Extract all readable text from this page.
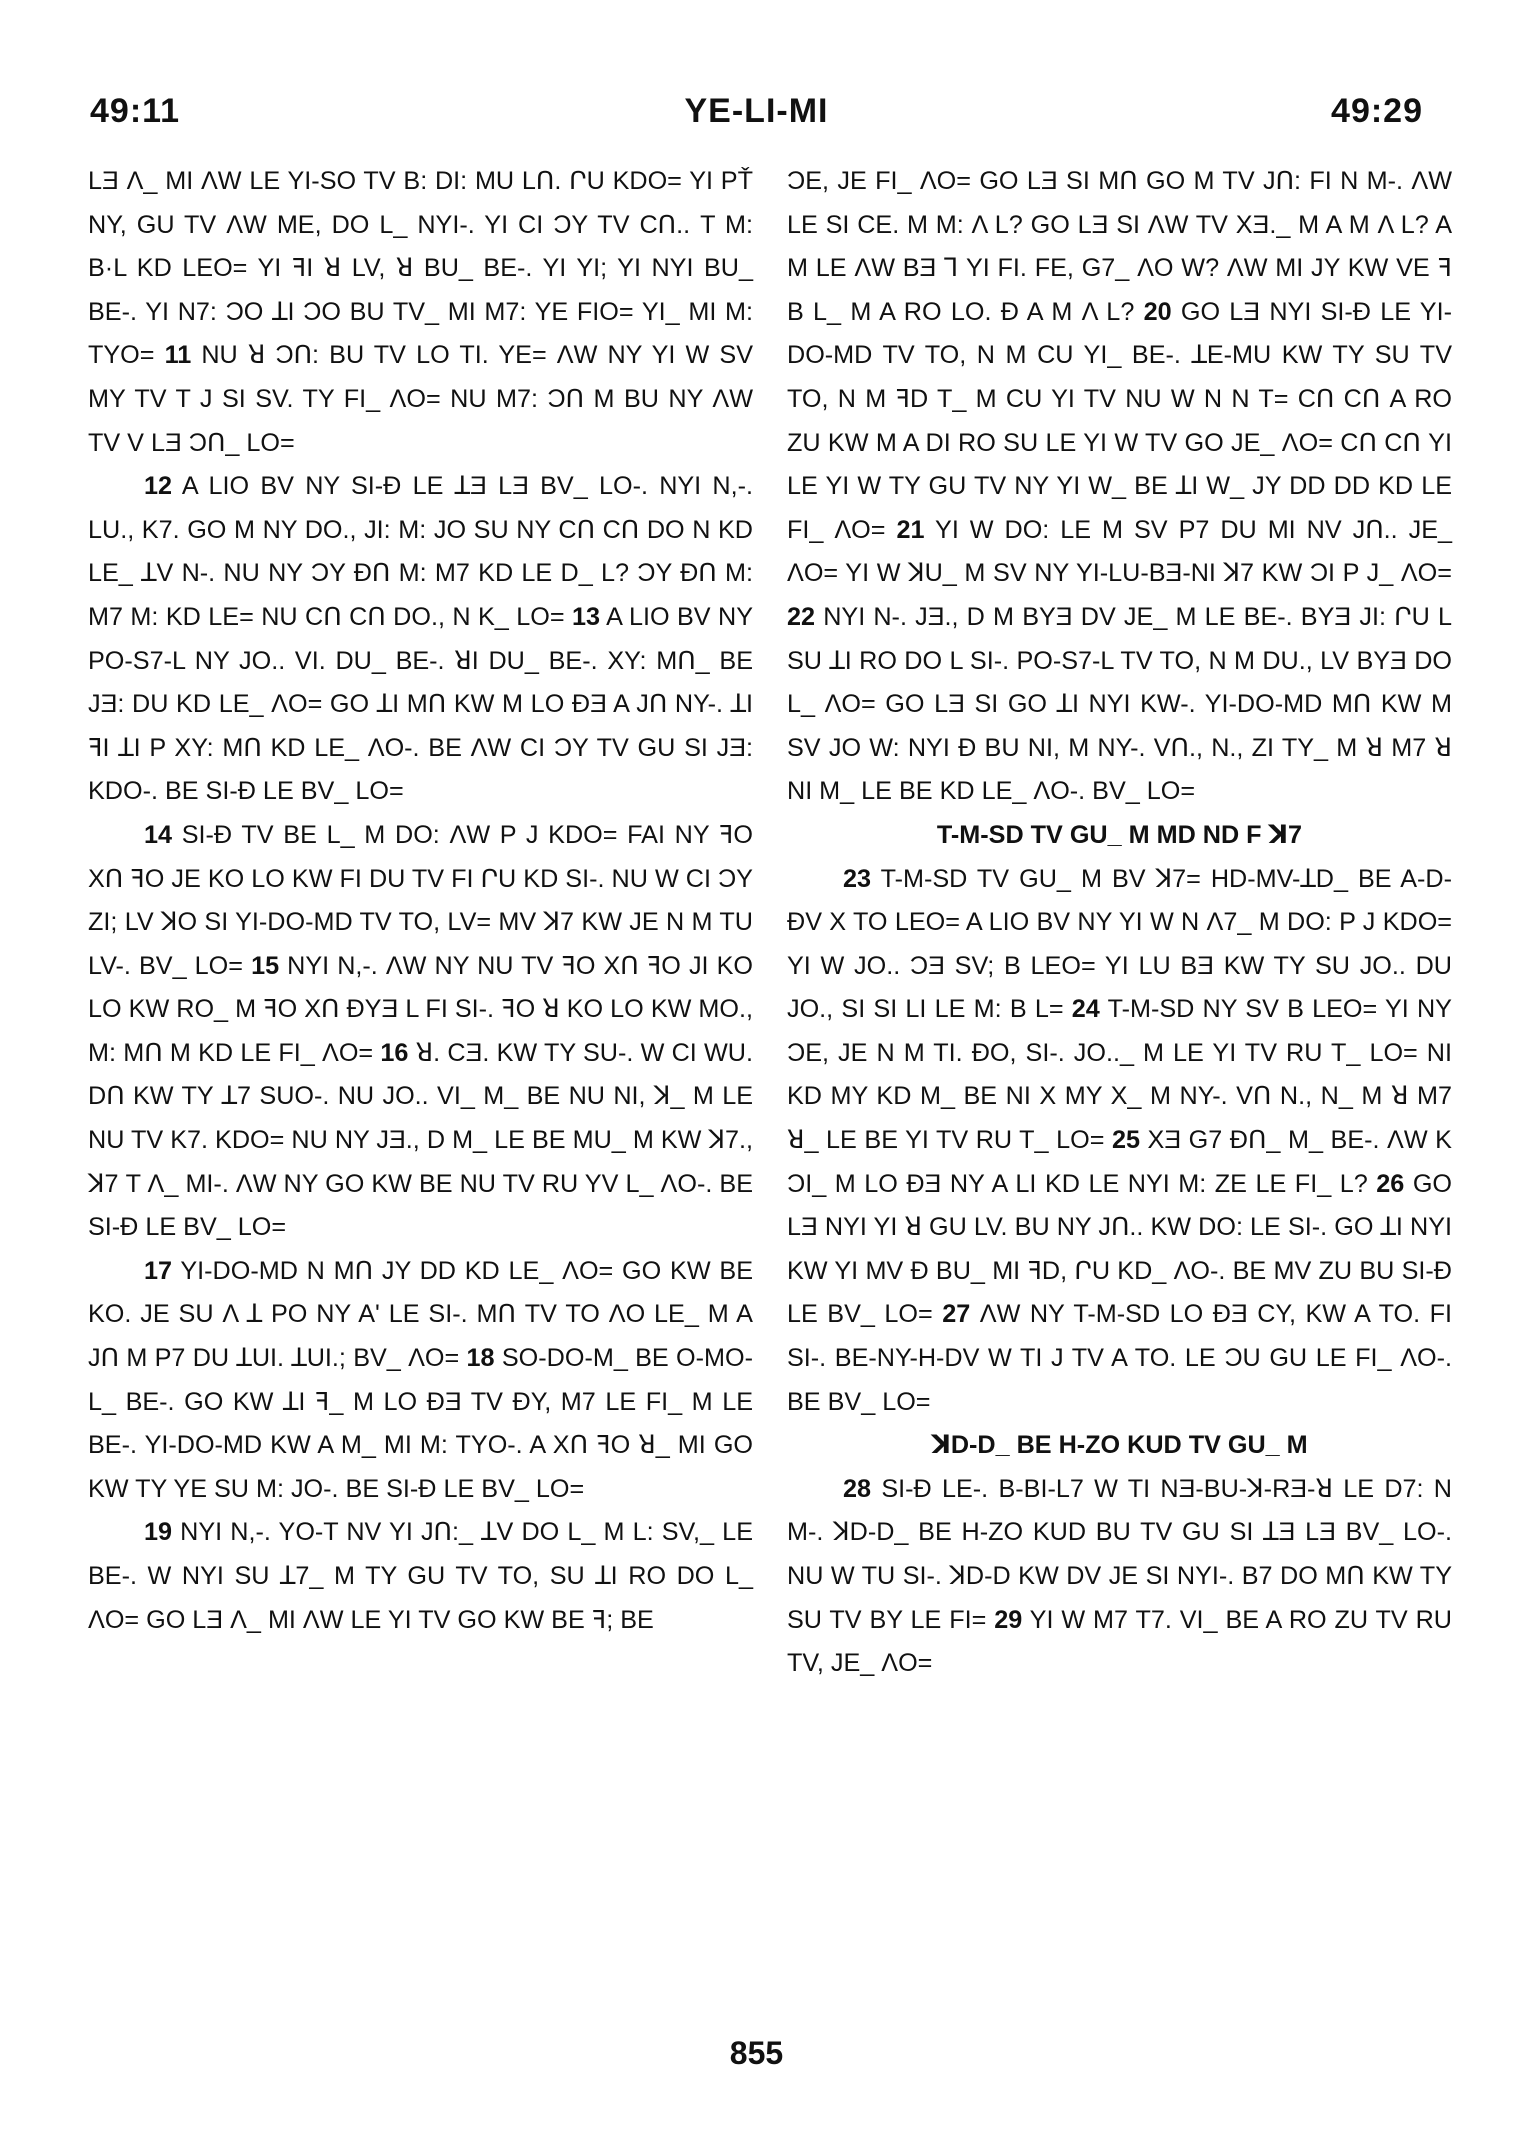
49:11	YE-LI-MI	49:29

LƎ Λ_ MI ΛW LE YI-SO TV B: DI: MU LՈ. ՐU KDO= YI PŤ NY, GU TV ΛW ME, DO L_ NYI-. YI CI ϽY TV CՈ.. T M: B·L KD LEO= YI ꟻI ꓤ LV, ꓤ BU_ BE-. YI YI; YI NYI BU_ BE-. YI N7: ϽO ꓕI ϽO BU TV_ MI M7: YE FIO= YI_ MI M: TYO= 11 NU ꓤ ϽՈ: BU TV LO TI. YE= ΛW NY YI W SV MY TV T J SI SV. TY FI_ ΛO= NU M7: ϽՈ M BU NY ΛW TV V LƎ ϽՈ_ LO=

12 A LIO BV NY SI-Ɖ LE ꓕƎ LƎ BV_ LO-. NYI N,-. LU., K7. GO M NY DO., JI: M: JO SU NY CՈ CՈ DO N KD LE_ ꓕV N-. NU NY ϽY ƉՈ M: M7 KD LE D_ L? ϽY ƉՈ M: M7 M: KD LE= NU CՈ CՈ DO., N K_ LO= 13 A LIO BV NY PO-S7-L NY JO.. VI. DU_ BE-. ꓤI DU_ BE-. XY: MՈ_ BE JƎ: DU KD LE_ ΛO= GO ꓕI MՈ KW M LO ƉƎ A JՈ NY-. ꓕI ꟻI ꓕI P XY: MՈ KD LE_ ΛO-. BE ΛW CI ϽY TV GU SI JƎ: KDO-. BE SI-Ɖ LE BV_ LO=

14 SI-Ɖ TV BE L_ M DO: ΛW P J KDO= FAI NY ꟻO XՈ ꟻO JE KO LO KW FI DU TV FI ՐU KD SI-. NU W CI ϽY ZI; LV ꓘO SI YI-DO-MD TV TO, LV= MV ꓘ7 KW JE N M TU LV-. BV_ LO= 15 NYI N,-. ΛW NY NU TV ꟻO XՈ ꟻO JI KO LO KW RO_ M ꟻO XՈ ƉYƎ L FI SI-. ꟻO ꓤ KO LO KW MO., M: MՈ M KD LE FI_ ΛO= 16 ꓤ. CƎ. KW TY SU-. W CI WU. DՈ KW TY ꓕ7 SUO-. NU JO.. VI_ M_ BE NU NI, ꓘ_ M LE NU TV K7. KDO= NU NY JƎ., D M_ LE BE MU_ M KW ꓘ7., ꓘ7 T Λ_ MI-. ΛW NY GO KW BE NU TV RU YV L_ ΛO-. BE SI-Ɖ LE BV_ LO=

17 YI-DO-MD N MՈ JY DD KD LE_ ΛO= GO KW BE KO. JE SU Λ ꓕ PO NY A' LE SI-. MՈ TV TO ΛO LE_ M A JՈ M P7 DU ꓕUI. ꓕUI.; BV_ ΛO= 18 SO-DO-M_ BE O-MO-L_ BE-. GO KW ꓕI ꟻ_ M LO ƉƎ TV ƉY, M7 LE FI_ M LE BE-. YI-DO-MD KW A M_ MI M: TYO-. A XՈ ꟻO ꓤ_ MI GO KW TY YE SU M: JO-. BE SI-Ɖ LE BV_ LO=

19 NYI N,-. YO-T NV YI JՈ:_ ꓕV DO L_ M L: SV,_ LE BE-. W NYI SU ꓕ7_ M TY GU TV TO, SU ꓕI RO DO L_ ΛO= GO LƎ Λ_ MI ΛW LE YI TV GO KW BE ꟻ; BE

ϽE, JE FI_ ΛO= GO LƎ SI MՈ GO M TV JՈ: FI N M-. ΛW LE SI CE. M M: Λ L? GO LƎ SI ΛW TV XƎ._ M A M Λ L? A M LE ΛW BƎ ꓶ YI FI. FE, G7_ ΛO W? ΛW MI JY KW VE ꟻ B L_ M A RO LO. Ɖ A M Λ L? 20 GO LƎ NYI SI-Ɖ LE YI-DO-MD TV TO, N M CU YI_ BE-. ꓕE-MU KW TY SU TV TO, N M ꟻD T_ M CU YI TV NU W N N T= CՈ CՈ A RO ZU KW M A DI RO SU LE YI W TV GO JE_ ΛO= CՈ CՈ YI LE YI W TY GU TV NY YI W_ BE ꓕI W_ JY DD DD KD LE FI_ ΛO= 21 YI W DO: LE M SV P7 DU MI NV JՈ.. JE_ ΛO= YI W ꓘU_ M SV NY YI-LU-BƎ-NI ꓘ7 KW ϽI P J_ ΛO= 22 NYI N-. JƎ., D M BYƎ DV JE_ M LE BE-. BYƎ JI: ՐU L SU ꓕI RO DO L SI-. PO-S7-L TV TO, N M DU., LV BYƎ DO L_ ΛO= GO LƎ SI GO ꓕI NYI KW-. YI-DO-MD MՈ KW M SV JO W: NYI Ɖ BU NI, M NY-. VՈ., N., ZI TY_ M ꓤ M7 ꓤ NI M_ LE BE KD LE_ ΛO-. BV_ LO=

T-M-SD TV GU_ M MD ND F ꓘ7

23 T-M-SD TV GU_ M BV ꓘ7= HD-MV-ꓕD_ BE A-D-ƉV X TO LEO= A LIO BV NY YI W N Λ7_ M DO: P J KDO= YI W JO.. ϽƎ SV; B LEO= YI LU BƎ KW TY SU JO.. DU JO., SI SI LI LE M: B L= 24 T-M-SD NY SV B LEO= YI NY ϽE, JE N M TI. ƉO, SI-. JO.._ M LE YI TV RU T_ LO= NI KD MY KD M_ BE NI X MY X_ M NY-. VՈ N., N_ M ꓤ M7 ꓤ_ LE BE YI TV RU T_ LO= 25 XƎ G7 ƉՈ_ M_ BE-. ΛW K ϽI_ M LO ƉƎ NY A LI KD LE NYI M: ZE LE FI_ L? 26 GO LƎ NYI YI ꓤ GU LV. BU NY JՈ.. KW DO: LE SI-. GO ꓕI NYI KW YI MV Ɖ BU_ MI ꟻD, ՐU KD_ ΛO-. BE MV ZU BU SI-Ɖ LE BV_ LO= 27 ΛW NY T-M-SD LO ƉƎ CY, KW A TO. FI SI-. BE-NY-H-DV W TI J TV A TO. LE ϽU GU LE FI_ ΛO-. BE BV_ LO=

ꓘD-D_ BE H-ZO KUD TV GU_ M

28 SI-Ɖ LE-. B-BI-L7 W TI NƎ-BU-ꓘ-RƎ-ꓤ LE D7: N M-. ꓘD-D_ BE H-ZO KUD BU TV GU SI ꓕƎ LƎ BV_ LO-. NU W TU SI-. ꓘD-D KW DV JE SI NYI-. B7 DO MՈ KW TY SU TV BY LE FI= 29 YI W M7 T7. VI_ BE A RO ZU TV RU TV, JE_ ΛO=

855
